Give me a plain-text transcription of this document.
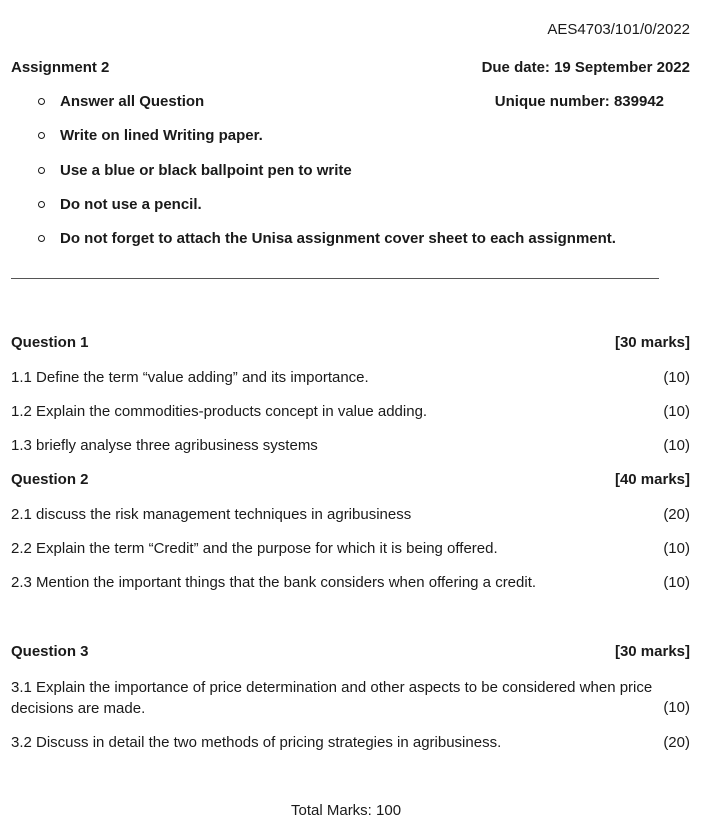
AES4703/101/0/2022
Assignment 2	Due date: 19 September 2022
Unique number: 839942
Answer all Question
Write on lined Writing paper.
Use a blue or black ballpoint pen to write
Do not use a pencil.
Do not forget to attach the Unisa assignment cover sheet to each assignment.
Question 1	[30 marks]
1.1 Define the term “value adding” and its importance.	(10)
1.2 Explain the commodities-products concept in value adding.	(10)
1.3 briefly analyse three agribusiness systems	(10)
Question 2	[40 marks]
2.1 discuss the risk management techniques in agribusiness	(20)
2.2 Explain the term “Credit” and the purpose for which it is being offered.	(10)
2.3 Mention the important things that the bank considers when offering a credit.	(10)
Question 3	[30 marks]
3.1 Explain the importance of price determination and other aspects to be considered when price decisions are made.	(10)
3.2 Discuss in detail the two methods of pricing strategies in agribusiness.	(20)
Total Marks: 100
